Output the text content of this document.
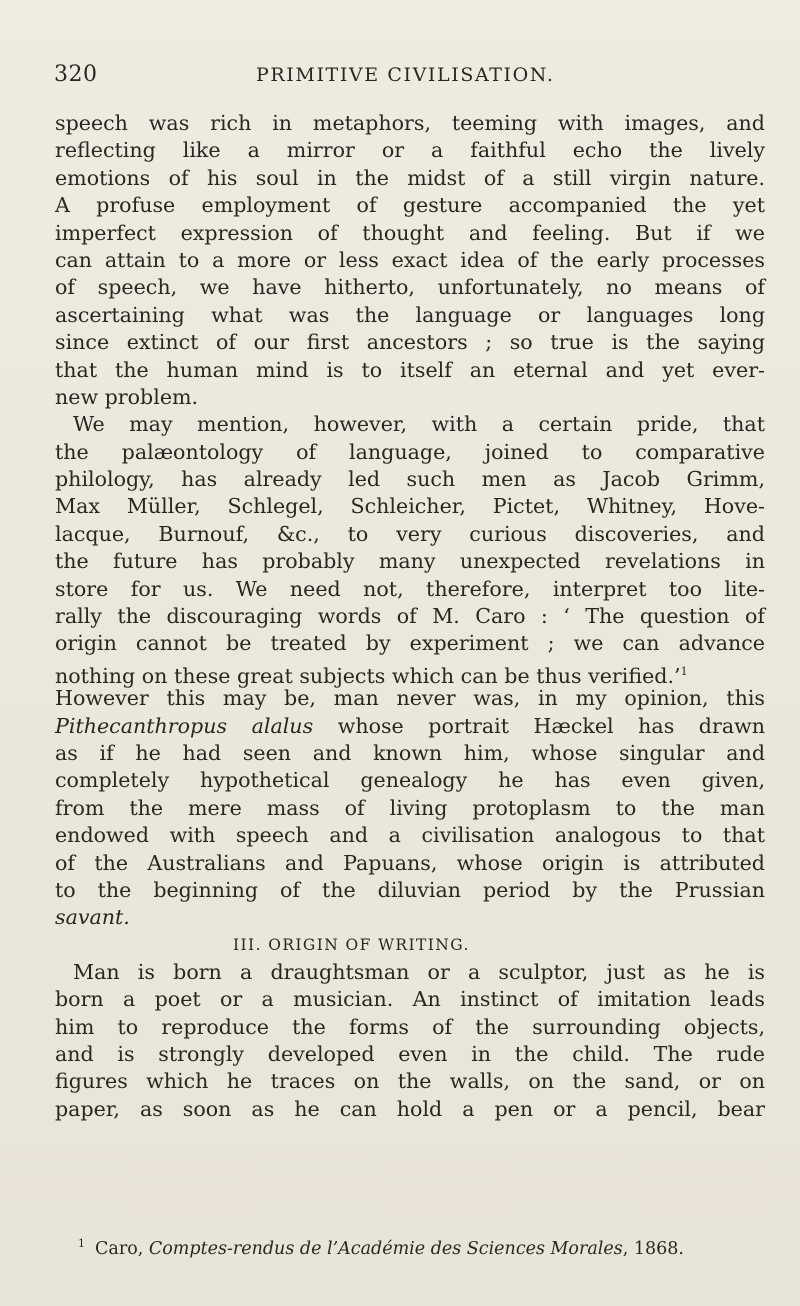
320	PRIMITIVE CIVILISATION.
speech was rich in metaphors, teeming with images, and
reflecting like a mirror or a faithful echo the lively
emotions of his soul in the midst of a still virgin nature.
A profuse employment of gesture accompanied the yet
imperfect expression of thought and feeling. But if we
can attain to a more or less exact idea of the early processes
of speech, we have hitherto, unfortunately, no means of
ascertaining what was the language or languages long
since extinct of our first ancestors ; so true is the saying
that the human mind is to itself an eternal and yet ever-
new problem.
We may mention, however, with a certain pride, that
the palæontology of language, joined to comparative
philology, has already led such men as Jacob Grimm,
Max Müller, Schlegel, Schleicher, Pictet, Whitney, Hove-
lacque, Burnouf, &c., to very curious discoveries, and
the future has probably many unexpected revelations in
store for us. We need not, therefore, interpret too lite-
rally the discouraging words of M. Caro : ‘ The question of
origin cannot be treated by experiment ; we can advance
nothing on these great subjects which can be thus verified.’$^1$
However this may be, man never was, in my opinion, this
Pithecanthropus alalus whose portrait Hæckel has drawn
as if he had seen and known him, whose singular and
completely hypothetical genealogy he has even given,
from the mere mass of living protoplasm to the man
endowed with speech and a civilisation analogous to that
of the Australians and Papuans, whose origin is attributed
to the beginning of the diluvian period by the Prussian
savant.
III. ORIGIN OF WRITING.
Man is born a draughtsman or a sculptor, just as he is
born a poet or a musician. An instinct of imitation leads
him to reproduce the forms of the surrounding objects,
and is strongly developed even in the child. The rude
figures which he traces on the walls, on the sand, or on
paper, as soon as he can hold a pen or a pencil, bear
$^1$ Caro, Comptes-rendus de l’Académie des Sciences Morales, 1868.
